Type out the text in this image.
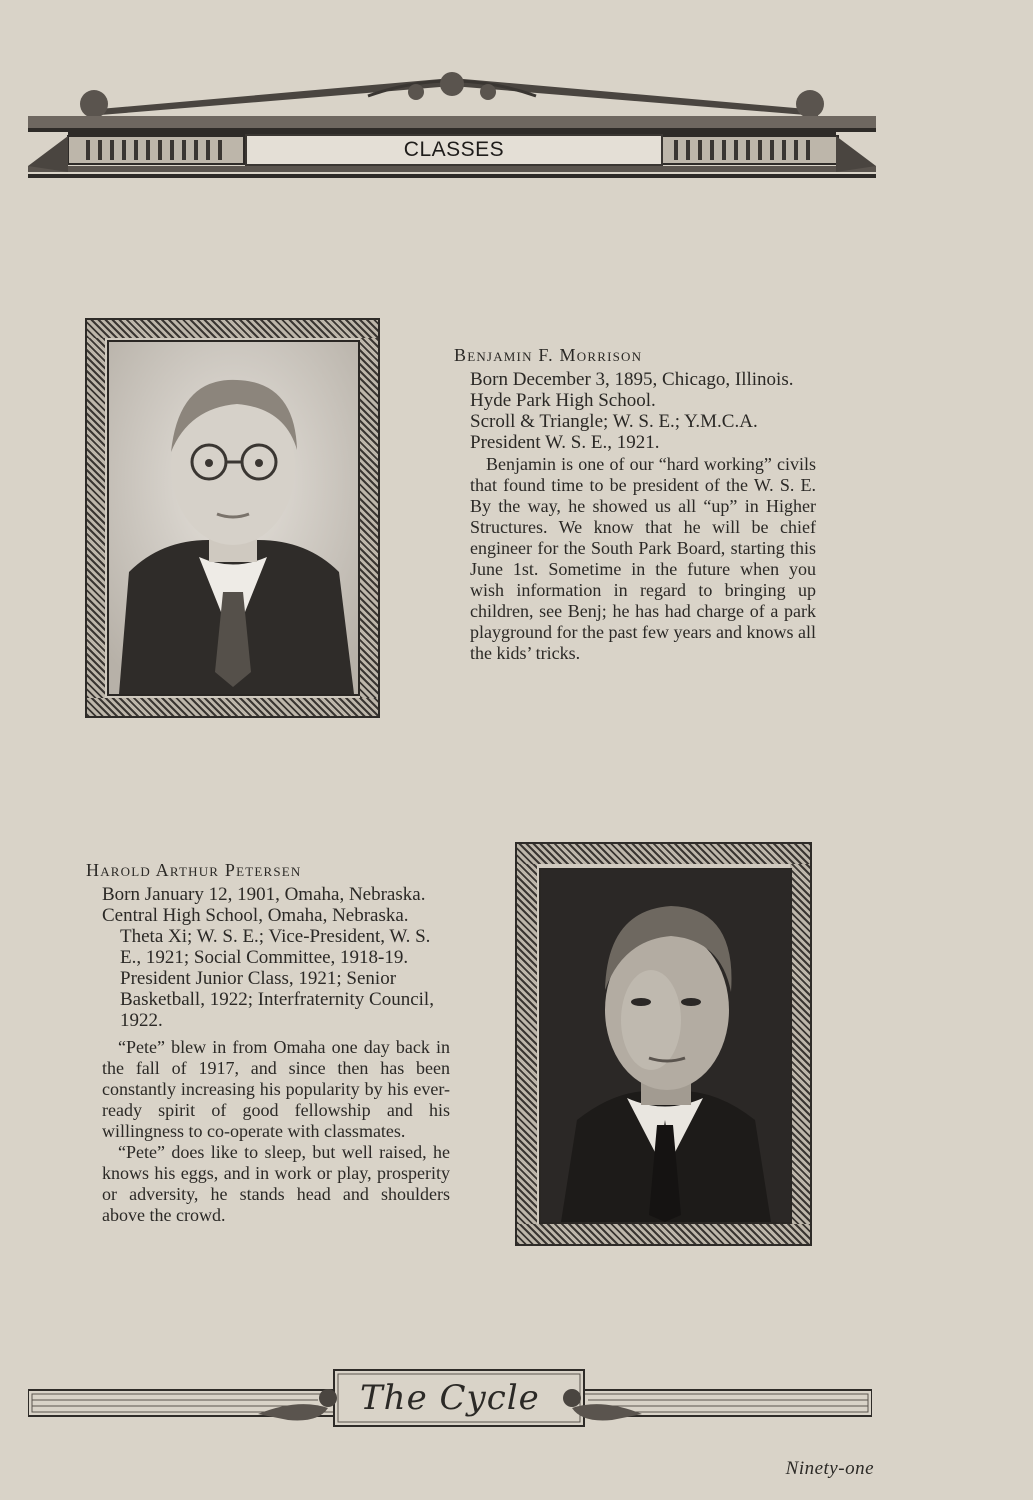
CLASSES
Benjamin F. Morrison
Born December 3, 1895, Chicago, Illinois.
Hyde Park High School.
Scroll & Triangle; W. S. E.; Y.M.C.A.
President W. S. E., 1921.
Benjamin is one of our “hard working” civils that found time to be president of the W. S. E. By the way, he showed us all “up” in Higher Structures. We know that he will be chief engineer for the South Park Board, starting this June 1st. Sometime in the future when you wish information in regard to bringing up children, see Benj; he has had charge of a park playground for the past few years and knows all the kids’ tricks.
Harold Arthur Petersen
Born January 12, 1901, Omaha, Nebraska.
Central High School, Omaha, Nebraska.
Theta Xi; W. S. E.; Vice-President, W. S. E., 1921; Social Committee, 1918-19.
President Junior Class, 1921; Senior Basketball, 1922; Interfraternity Council, 1922.
“Pete” blew in from Omaha one day back in the fall of 1917, and since then has been constantly increasing his popularity by his ever-ready spirit of good fellowship and his willingness to co-operate with classmates.
“Pete” does like to sleep, but well raised, he knows his eggs, and in work or play, prosperity or adversity, he stands head and shoulders above the crowd.
The Cycle
Ninety-one
